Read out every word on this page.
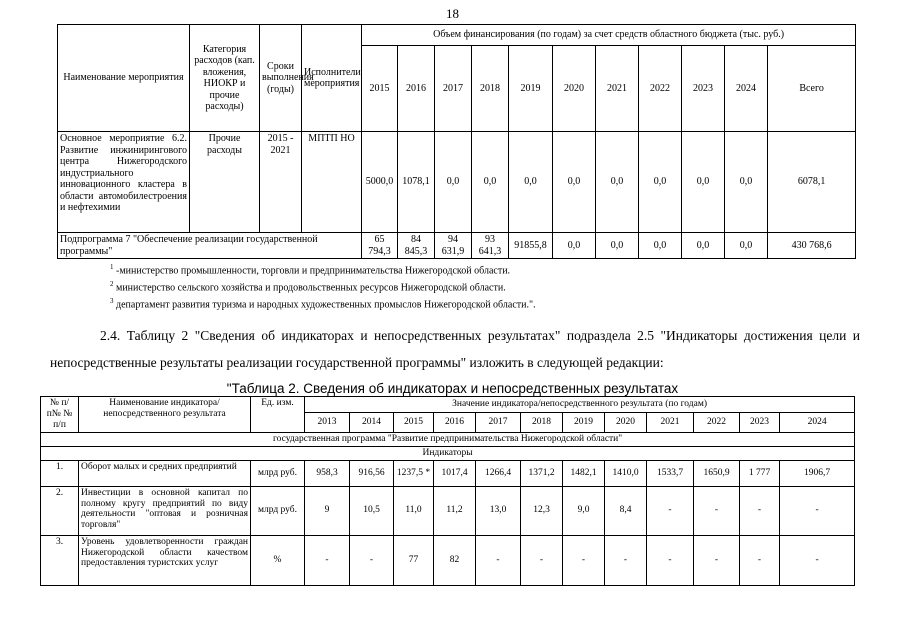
18
Наименование мероприятия	Категория расходов (кап. вложения, НИОКР и прочие расходы)	Сроки выполнения (годы)	Исполнители мероприятия	Объем финансирования (по годам) за счет средств областного бюджета (тыс. руб.)										
				2015	2016	2017	2018	2019	2020	2021	2022	2023	2024	Всего
Основное мероприятие 6.2. Развитие инжинирингового центра Нижегородского индустриального инновационного кластера в области автомобилестроения и нефтехимии	Прочие расходы	2015 - 2021	МПТП НО	5000,0	1078,1	0,0	0,0	0,0	0,0	0,0	0,0	0,0	0,0	6078,1
Подпрограмма 7 "Обеспечение реализации государственной программы"				65 794,3	84 845,3	94 631,9	93 641,3	91855,8	0,0	0,0	0,0	0,0	0,0	430 768,6
$^1$ -министерство промышленности, торговли и предпринимательства Нижегородской области.
$^2$ министерство сельского хозяйства и продовольственных ресурсов Нижегородской области.
$^3$ департамент развития туризма и народных художественных промыслов Нижегородской области.".
2.4. Таблицу 2 "Сведения об индикаторах и непосредственных результатах" подраздела 2.5 "Индикаторы достижения цели и непосредственные результаты реализации государственной программы" изложить в следующей редакции:
"Таблица 2. Сведения об индикаторах и непосредственных результатах
№ п/п№ № п/п	Наименование индикатора/непосредственного результата	Ед. изм.	Значение индикатора/непосредственного результата (по годам)											
			2013	2014	2015	2016	2017	2018	2019	2020	2021	2022	2023	2024
государственная программа "Развитие предпринимательства Нижегородской области"														
Индикаторы														
1.	Оборот малых и средних предприятий	млрд руб.	958,3	916,56	1237,5 *	1017,4	1266,4	1371,2	1482,1	1410,0	1533,7	1650,9	1 777	1906,7
2.	Инвестиции в основной капитал по полному кругу предприятий по виду деятельности "оптовая и розничная торговля"	млрд руб.	9	10,5	11,0	11,2	13,0	12,3	9,0	8,4	-	-	-	-
3.	Уровень удовлетворенности граждан Нижегородской области качеством предоставления туристских услуг	%	-	-	77	82	-	-	-	-	-	-	-	-
